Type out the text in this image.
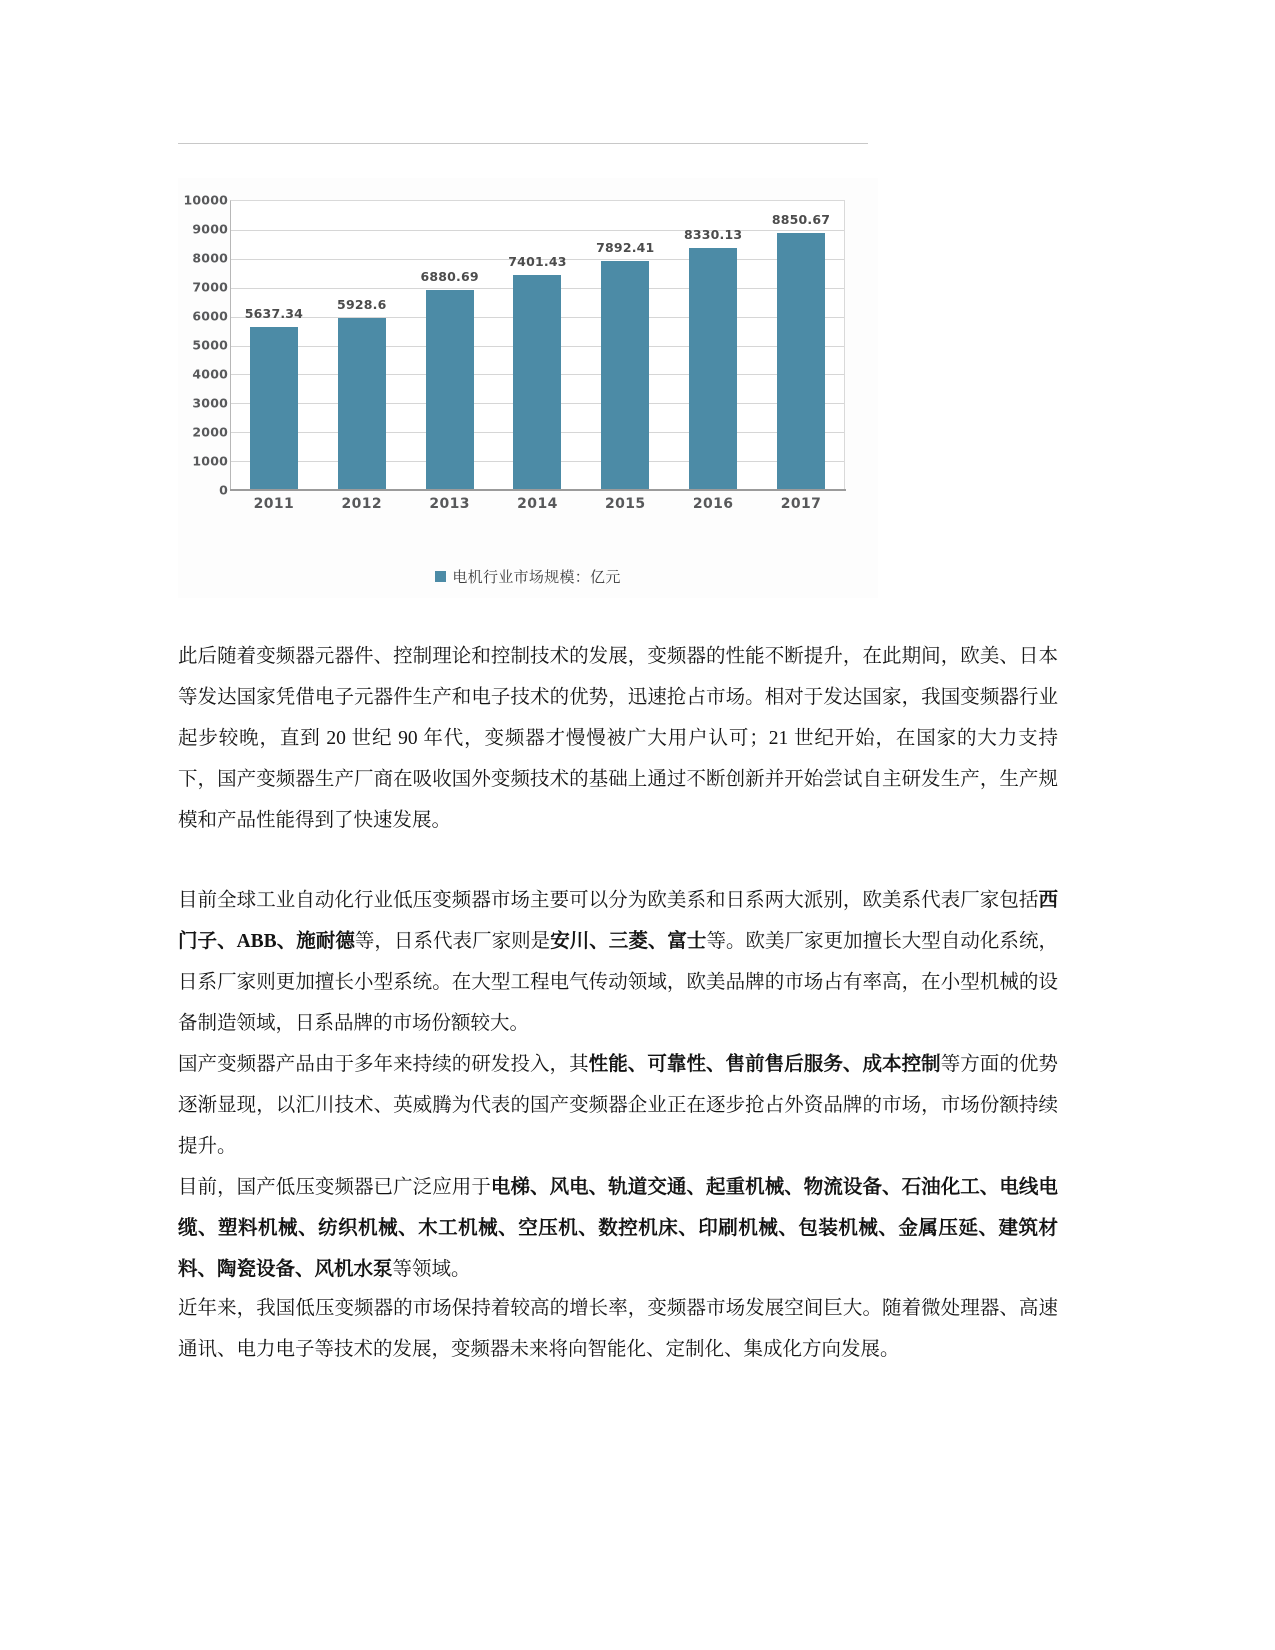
10000
9000
8000
7000
6000
5000
4000
3000
2000
1000
0
5637.34
5928.6
6880.69
7401.43
7892.41
8330.13
8850.67
2011	2012	2013	2014	2015	2016	2017
电机行业市场规模：亿元

此后随着变频器元器件、控制理论和控制技术的发展，变频器的性能不断提升，在此期间，欧美、日本等发达国家凭借电子元器件生产和电子技术的优势，迅速抢占市场。相对于发达国家，我国变频器行业起步较晚，直到 20 世纪 90 年代，变频器才慢慢被广大用户认可；21 世纪开始，在国家的大力支持下，国产变频器生产厂商在吸收国外变频技术的基础上通过不断创新并开始尝试自主研发生产，生产规模和产品性能得到了快速发展。

目前全球工业自动化行业低压变频器市场主要可以分为欧美系和日系两大派别，欧美系代表厂家包括西门子、ABB、施耐德等，日系代表厂家则是安川、三菱、富士等。欧美厂家更加擅长大型自动化系统，日系厂家则更加擅长小型系统。在大型工程电气传动领域，欧美品牌的市场占有率高，在小型机械的设备制造领域，日系品牌的市场份额较大。

国产变频器产品由于多年来持续的研发投入，其性能、可靠性、售前售后服务、成本控制等方面的优势逐渐显现，以汇川技术、英威腾为代表的国产变频器企业正在逐步抢占外资品牌的市场，市场份额持续提升。

目前，国产低压变频器已广泛应用于电梯、风电、轨道交通、起重机械、物流设备、石油化工、电线电缆、塑料机械、纺织机械、木工机械、空压机、数控机床、印刷机械、包装机械、金属压延、建筑材料、陶瓷设备、风机水泵等领域。

近年来，我国低压变频器的市场保持着较高的增长率，变频器市场发展空间巨大。随着微处理器、高速通讯、电力电子等技术的发展，变频器未来将向智能化、定制化、集成化方向发展。
